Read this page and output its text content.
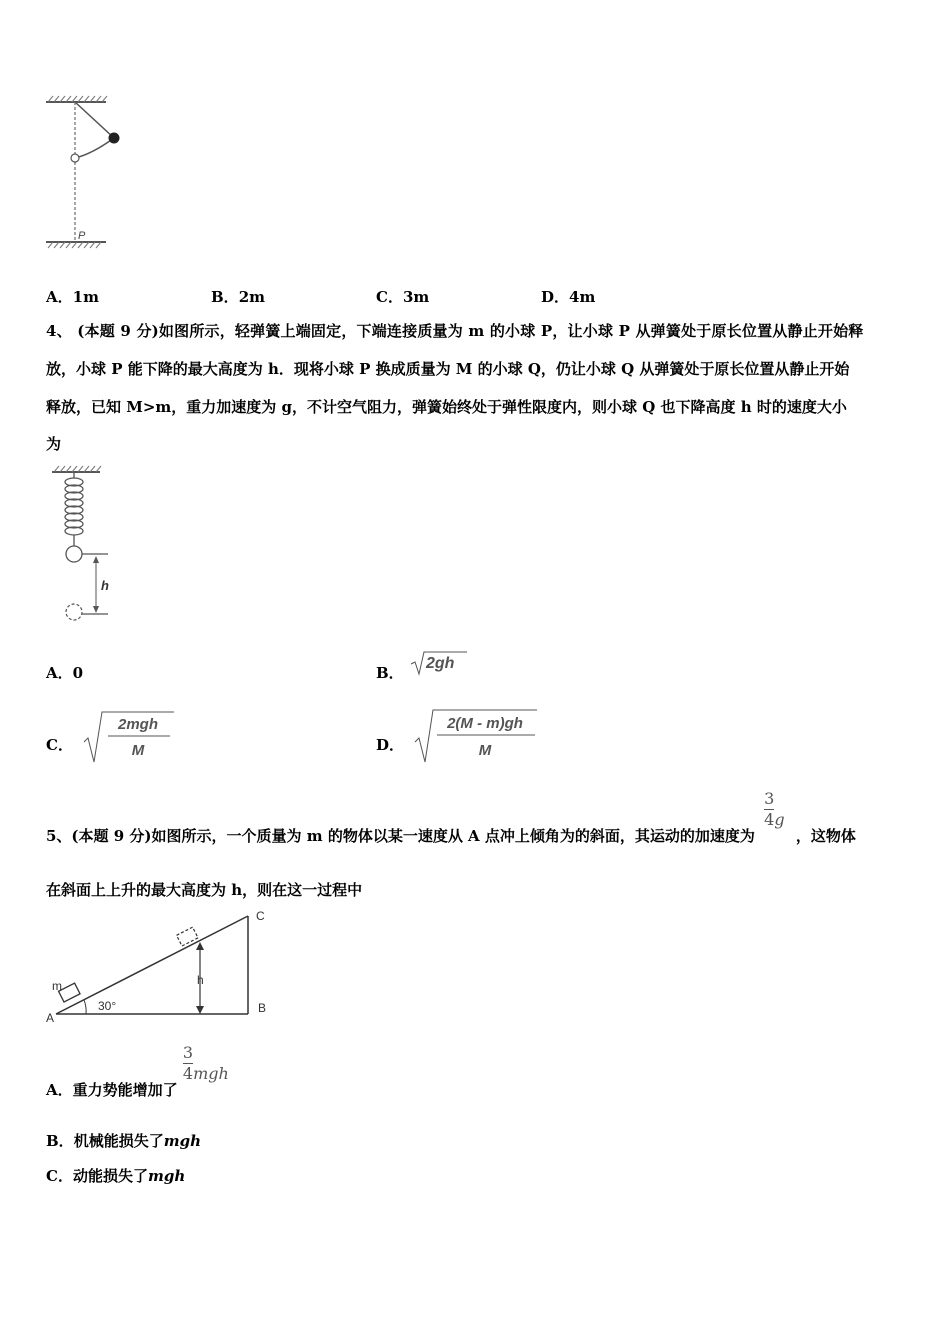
P
A．1m	B．2m	C．3m	D．4m
4、 (本题 9 分)如图所示，轻弹簧上端固定，下端连接质量为 m 的小球 P，让小球 P 从弹簧处于原长位置从静止开始释
放，小球 P 能下降的最大高度为 h．现将小球 P 换成质量为 M 的小球 Q，仍让小球 Q 从弹簧处于原长位置从静止开始
释放，已知 M>m，重力加速度为 g，不计空气阻力，弹簧始终处于弹性限度内，则小球 Q 也下降高度 h 时的速度大小
为
h
A．0	B．
2gh
C．
2mgh
M	D．
2(M - m)gh
M
5、(本题 9 分)如图所示，一个质量为 m 的物体以某一速度从 A 点冲上倾角为的斜面，其运动的加速度为
$\frac{3}{4}$ g ，这物体
在斜面上上升的最大高度为 h，则在这一过程中
C
B
A
m	h
30°
A．重力势能增加了
$\frac{3}{4}$ mgh
B．机械能损失了mgh
C．动能损失了mgh
